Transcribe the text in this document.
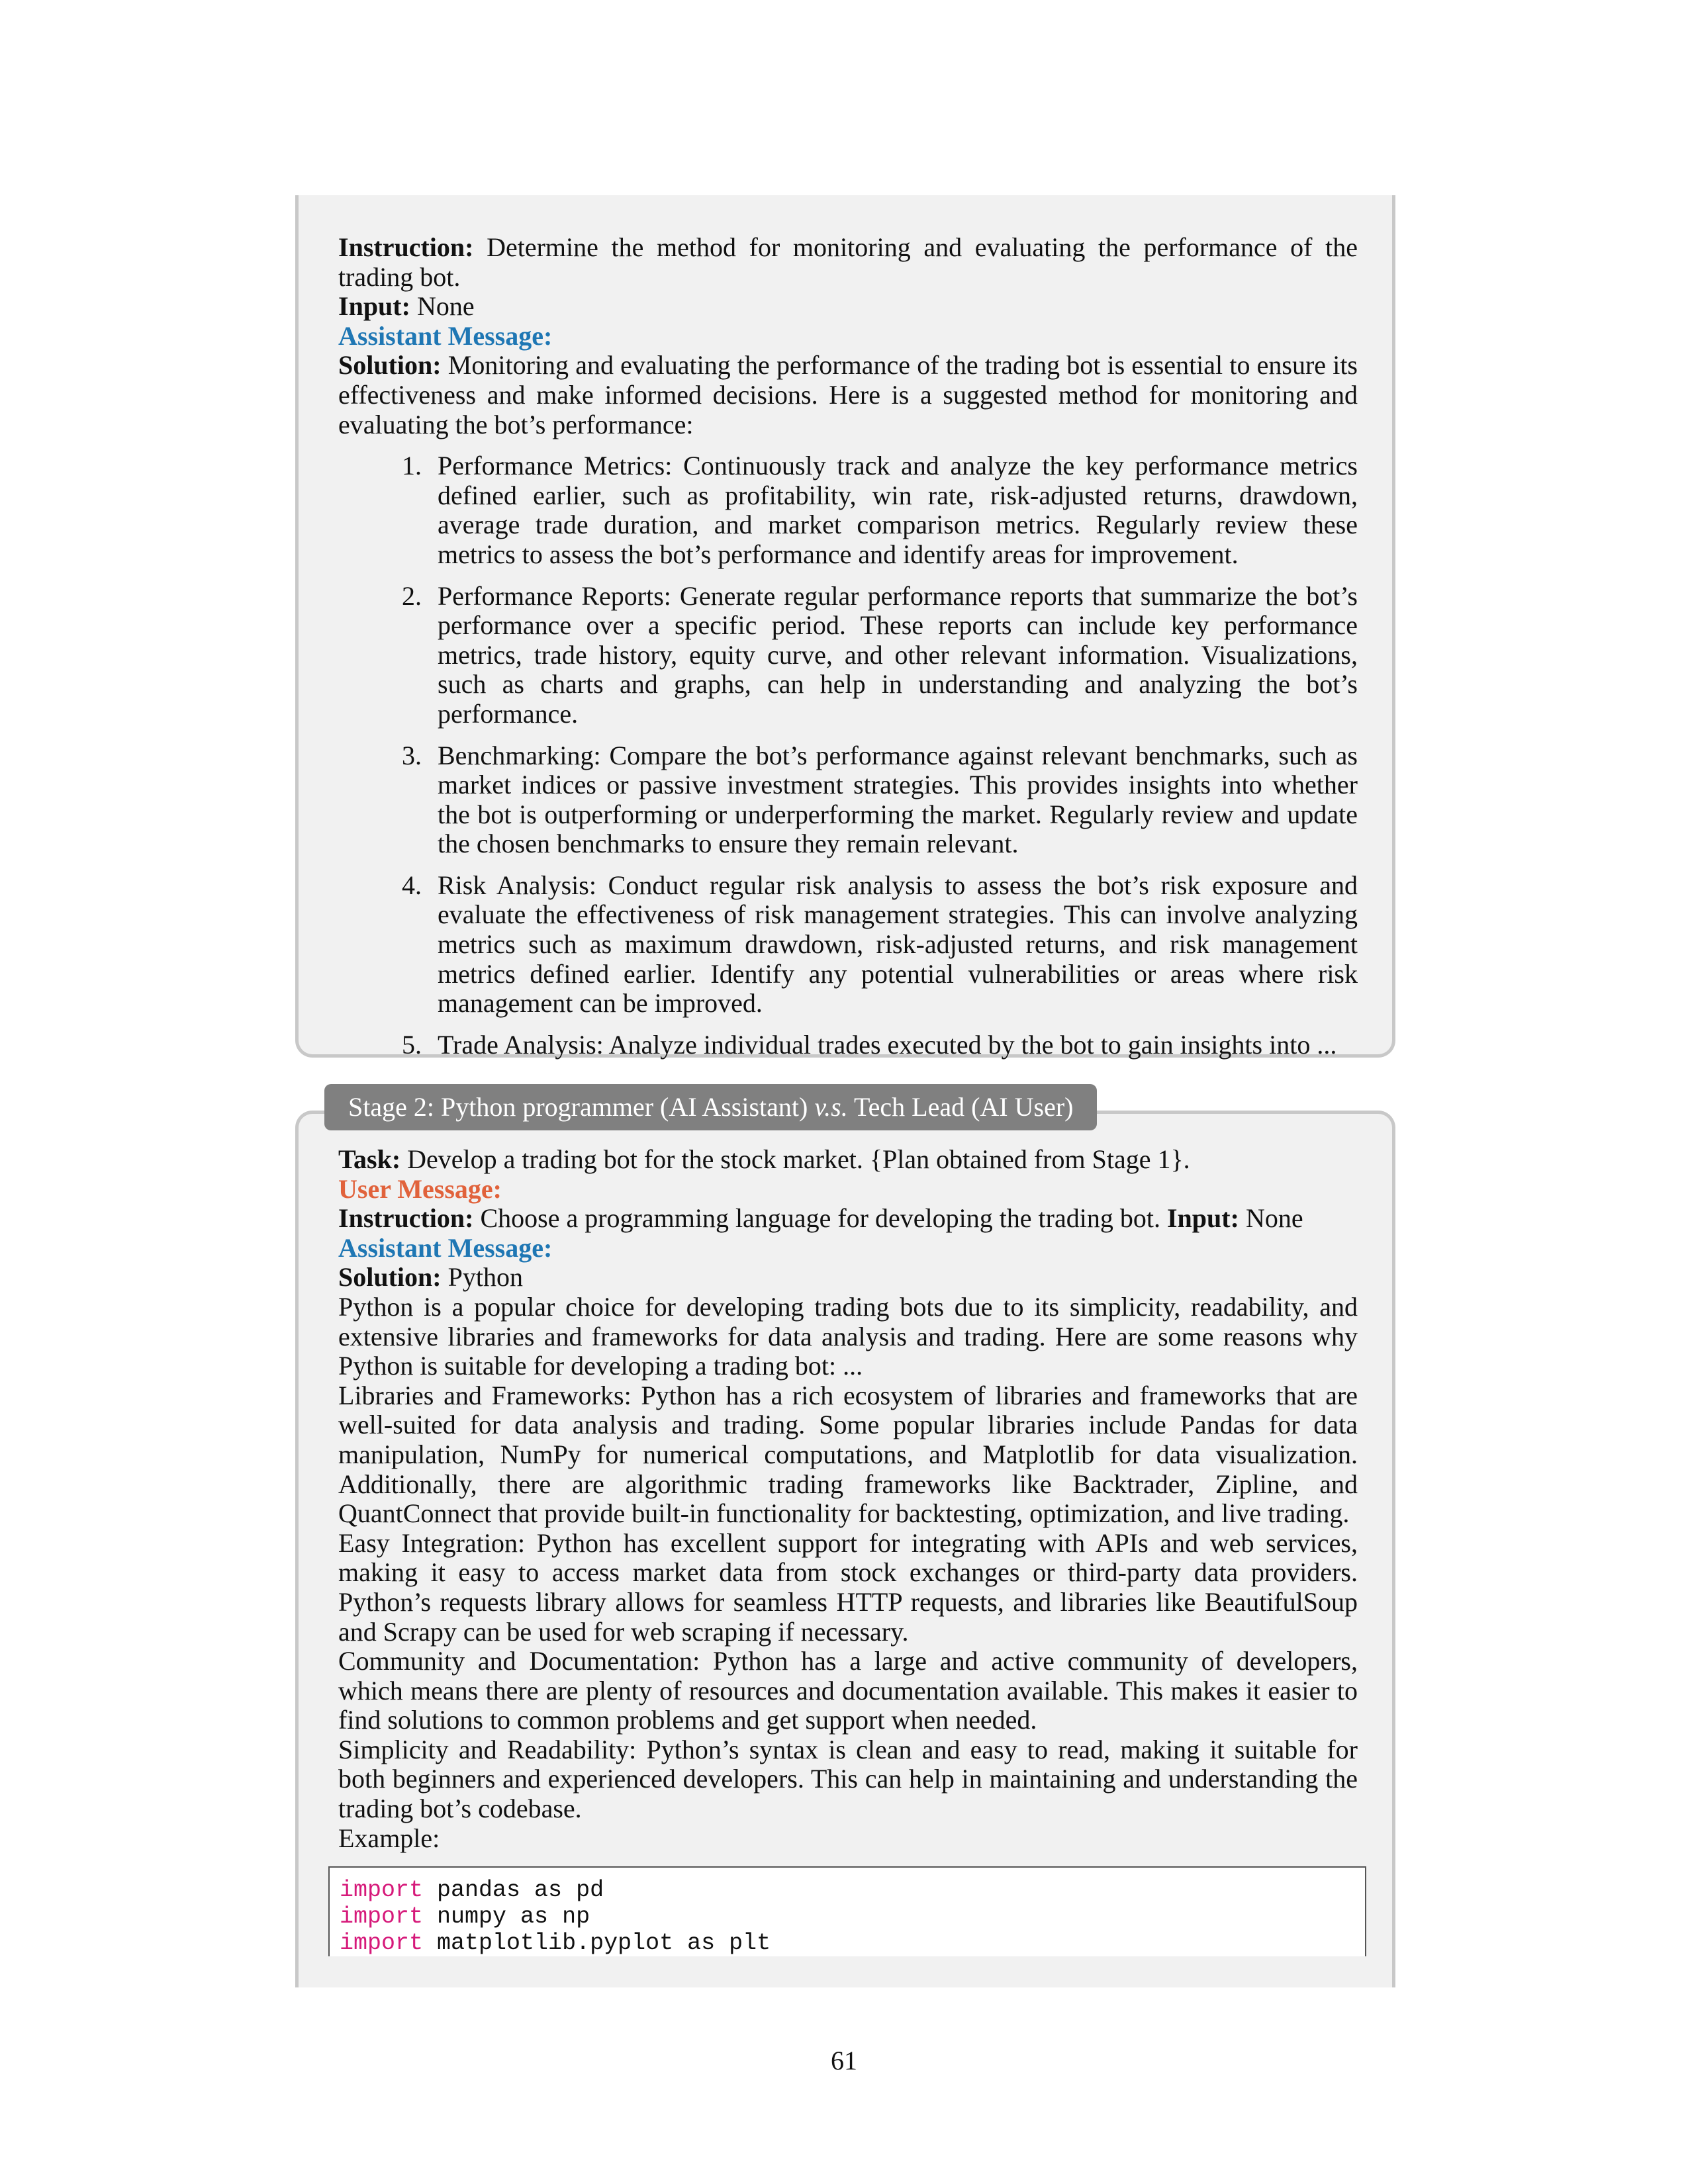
Instruction: Determine the method for monitoring and evaluating the performance of the trading bot.

Input: None

Assistant Message:

Solution: Monitoring and evaluating the performance of the trading bot is essential to ensure its effectiveness and make informed decisions. Here is a suggested method for monitoring and evaluating the bot’s performance:

1. Performance Metrics: Continuously track and analyze the key performance metrics defined earlier, such as profitability, win rate, risk-adjusted returns, drawdown, average trade duration, and market comparison metrics. Regularly review these metrics to assess the bot’s performance and identify areas for improvement.
2. Performance Reports: Generate regular performance reports that summarize the bot’s performance over a specific period. These reports can include key performance metrics, trade history, equity curve, and other relevant information. Visualizations, such as charts and graphs, can help in understanding and analyzing the bot’s performance.
3. Benchmarking: Compare the bot’s performance against relevant benchmarks, such as market indices or passive investment strategies. This provides insights into whether the bot is outperforming or underperforming the market. Regularly review and update the chosen benchmarks to ensure they remain relevant.
4. Risk Analysis: Conduct regular risk analysis to assess the bot’s risk exposure and evaluate the effectiveness of risk management strategies. This can involve analyzing metrics such as maximum drawdown, risk-adjusted returns, and risk management metrics defined earlier. Identify any potential vulnerabilities or areas where risk management can be improved.
5. Trade Analysis: Analyze individual trades executed by the bot to gain insights into ...
Stage 2: Python programmer (AI Assistant) v.s. Tech Lead (AI User)

Task: Develop a trading bot for the stock market. {Plan obtained from Stage 1}.

User Message:

Instruction: Choose a programming language for developing the trading bot. Input: None

Assistant Message:

Solution: Python

Python is a popular choice for developing trading bots due to its simplicity, readability, and extensive libraries and frameworks for data analysis and trading. Here are some reasons why Python is suitable for developing a trading bot: ...

Libraries and Frameworks: Python has a rich ecosystem of libraries and frameworks that are well-suited for data analysis and trading. Some popular libraries include Pandas for data manipulation, NumPy for numerical computations, and Matplotlib for data visualization. Additionally, there are algorithmic trading frameworks like Backtrader, Zipline, and QuantConnect that provide built-in functionality for backtesting, optimization, and live trading.

Easy Integration: Python has excellent support for integrating with APIs and web services, making it easy to access market data from stock exchanges or third-party data providers. Python’s requests library allows for seamless HTTP requests, and libraries like BeautifulSoup and Scrapy can be used for web scraping if necessary.

Community and Documentation: Python has a large and active community of developers, which means there are plenty of resources and documentation available. This makes it easier to find solutions to common problems and get support when needed.

Simplicity and Readability: Python’s syntax is clean and easy to read, making it suitable for both beginners and experienced developers. This can help in maintaining and understanding the trading bot’s codebase.

Example:

import pandas as pd
import numpy as np
import matplotlib.pyplot as plt
61
